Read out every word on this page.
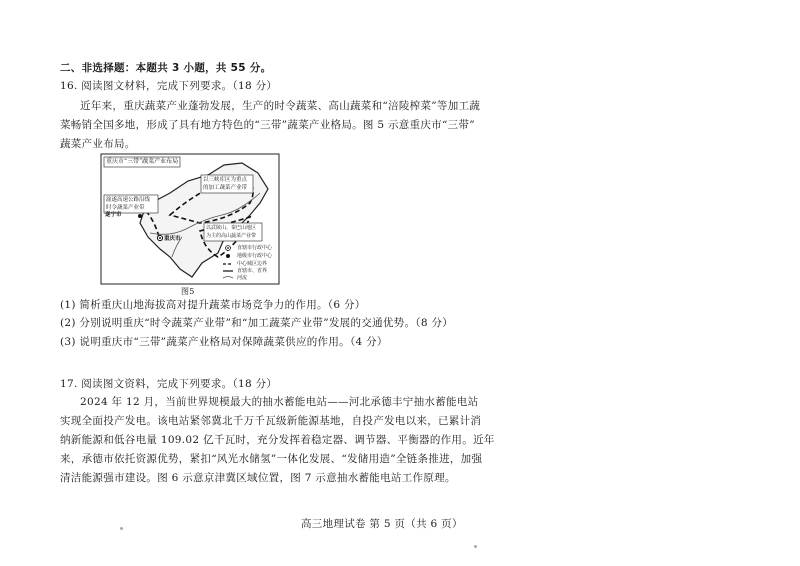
二、非选择题：本题共 3 小题，共 55 分。
16. 阅读图文材料，完成下列要求。（18 分）
近年来，重庆蔬菜产业蓬勃发展，生产的时令蔬菜、高山蔬菜和“涪陵榨菜”等加工蔬
菜畅销全国多地，形成了具有地方特色的“三带”蔬菜产业格局。图 5 示意重庆市“三带”
蔬菜产业布局。
重庆市“三带”蔬菜产业布局
以三峡库区为重点
的加工蔬菜产业带
渝遂高速公路沿线
时令蔬菜产业带
以武陵山、秦巴山地区
为主的高山蔬菜产业带
遂宁市
重庆市
直辖市行政中心
地级市行政中心
中心城区边界
直辖市、省界
河流
图5
(1) 简析重庆山地海拔高对提升蔬菜市场竞争力的作用。（6 分）
(2) 分别说明重庆“时令蔬菜产业带”和“加工蔬菜产业带”发展的交通优势。（8 分）
(3) 说明重庆市“三带”蔬菜产业格局对保障蔬菜供应的作用。（4 分）
17. 阅读图文资料，完成下列要求。（18 分）
2024 年 12 月，当前世界规模最大的抽水蓄能电站——河北承德丰宁抽水蓄能电站
实现全面投产发电。该电站紧邻冀北千万千瓦级新能源基地，自投产发电以来，已累计消
纳新能源和低谷电量 109.02 亿千瓦时，充分发挥着稳定器、调节器、平衡器的作用。近年
来，承德市依托资源优势，紧扣“风光水储氢”一体化发展、“发储用造”全链条推进，加强
清洁能源强市建设。图 6 示意京津冀区域位置，图 7 示意抽水蓄能电站工作原理。
高三地理试卷 第 5 页（共 6 页）
